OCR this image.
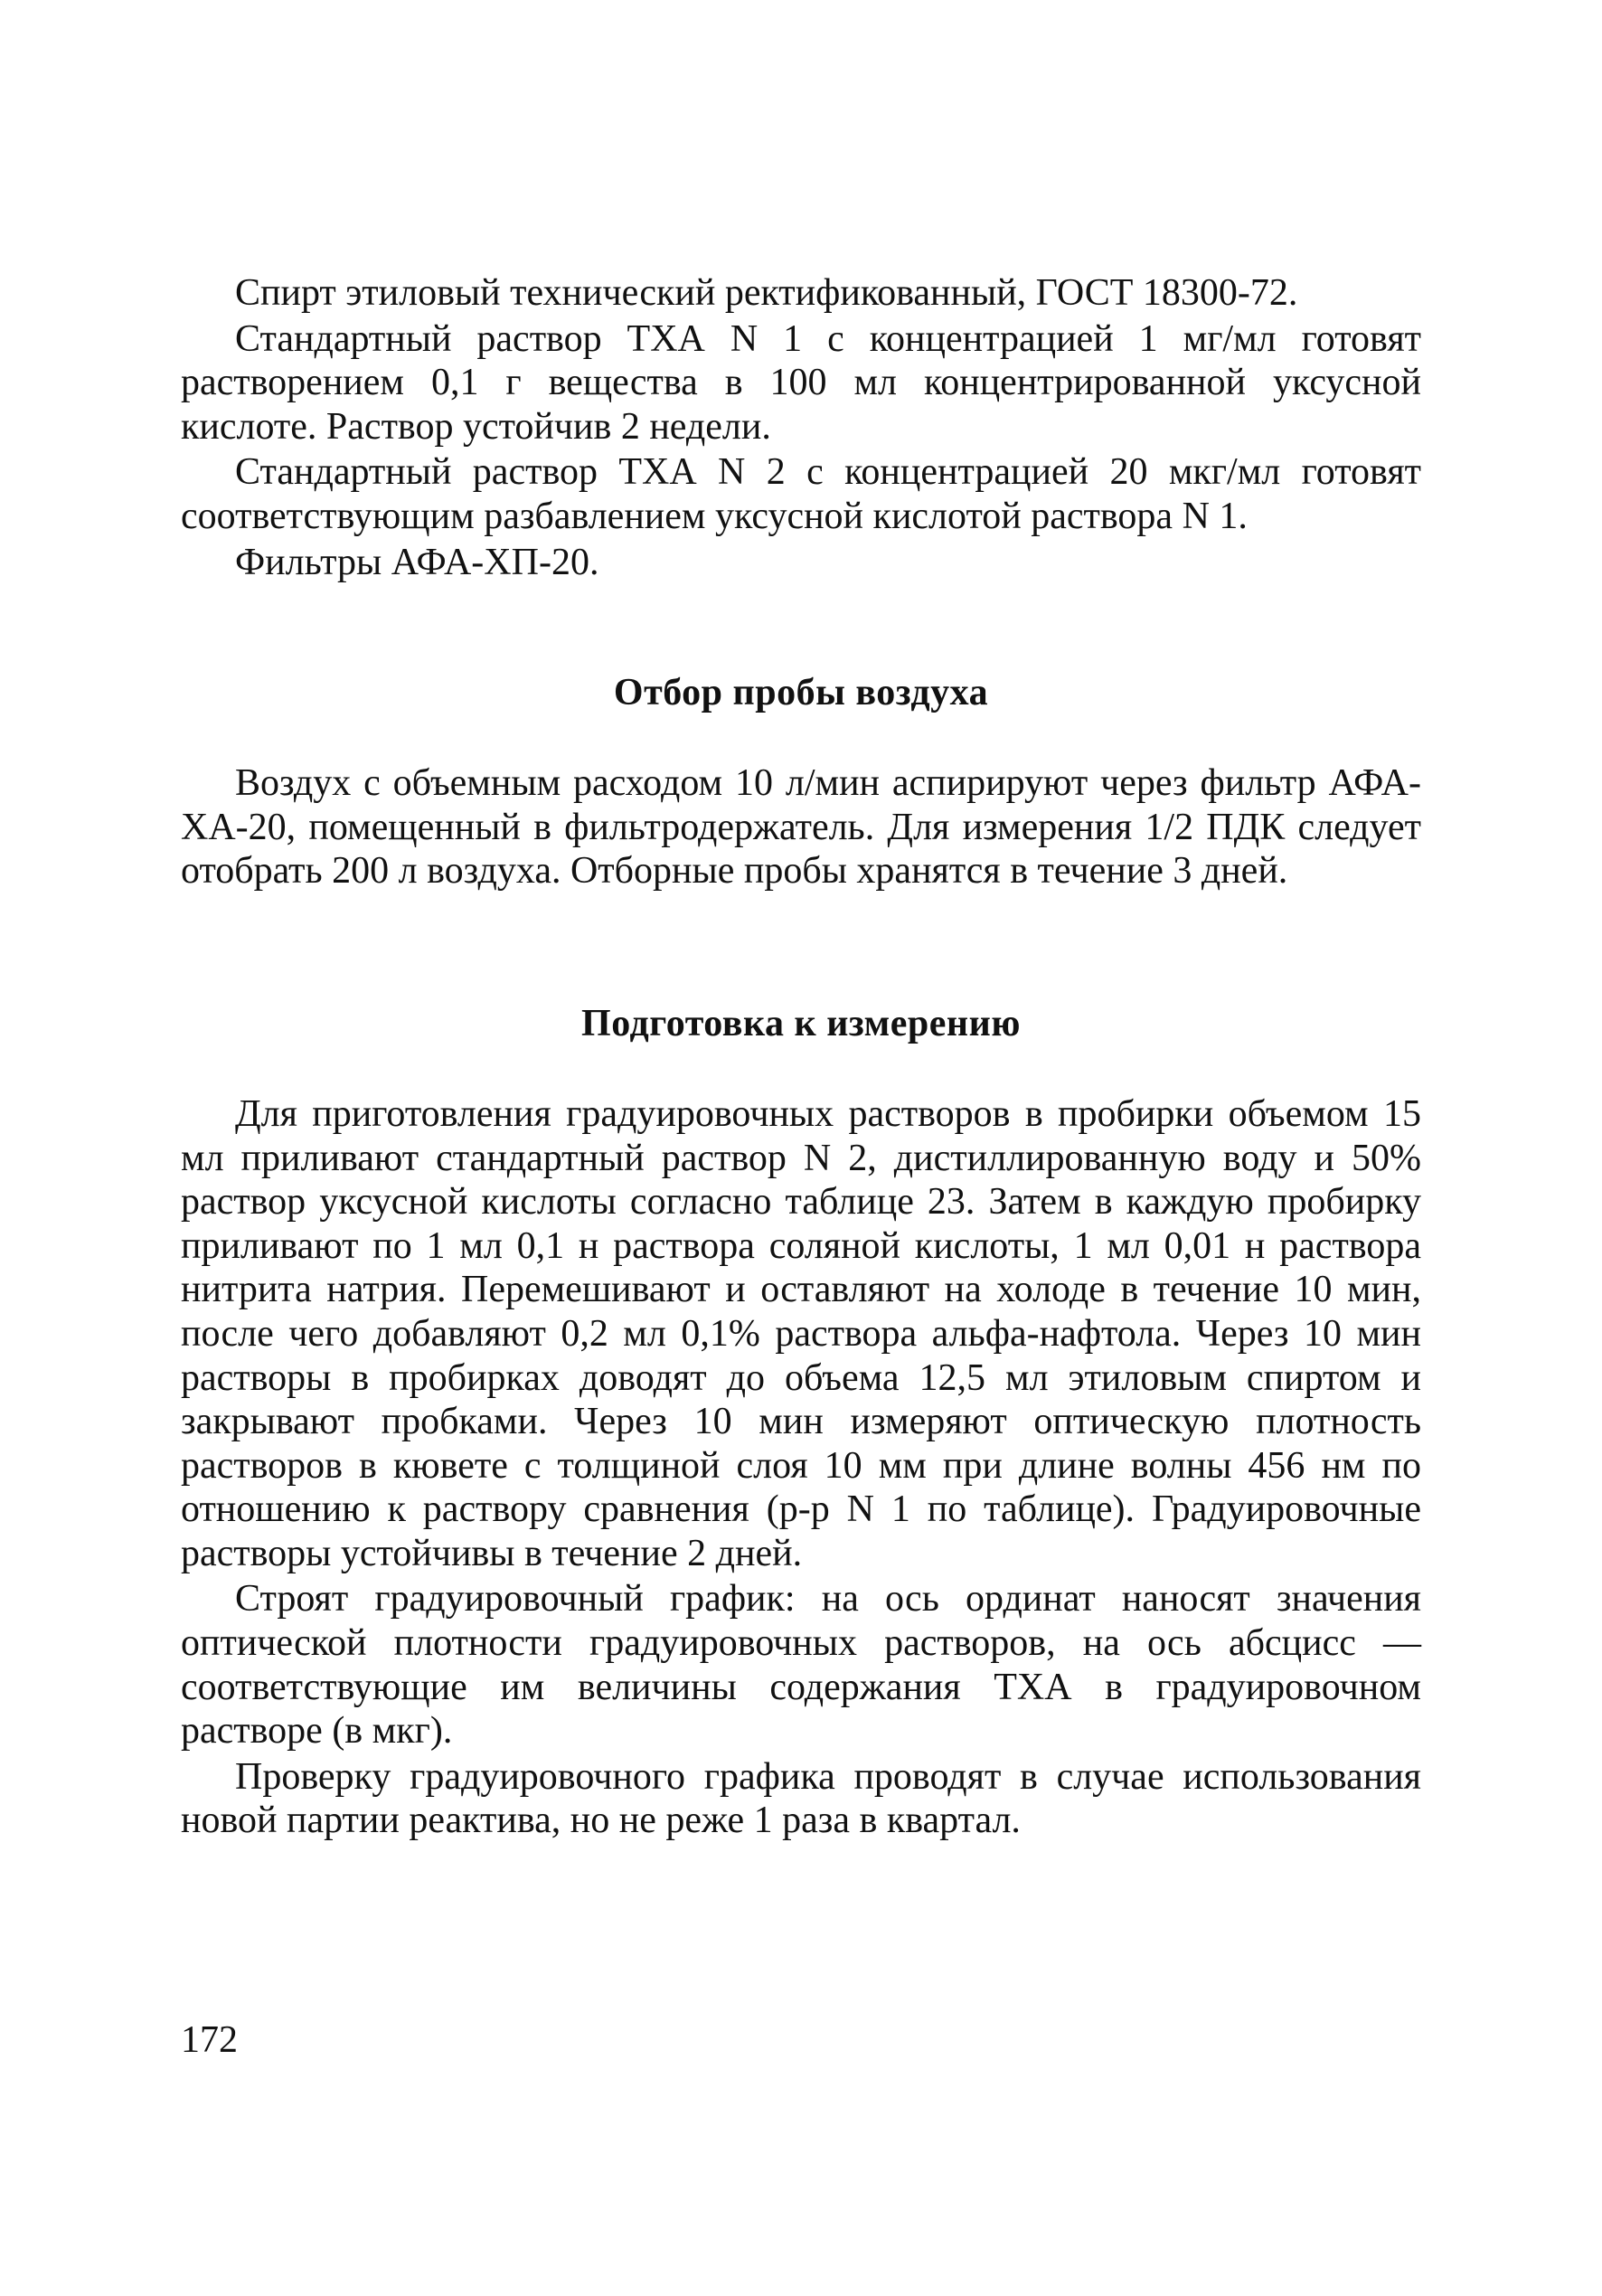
Спирт этиловый технический ректификованный, ГОСТ 18300-72.

Стандартный раствор ТХА N 1 с концентрацией 1 мг/мл готовят растворением 0,1 г вещества в 100 мл концентрированной уксусной кислоте. Раствор устойчив 2 недели.

Стандартный раствор ТХА N 2 с концентрацией 20 мкг/мл готовят соответствующим разбавлением уксусной кислотой раствора N 1.

Фильтры АФА-ХП-20.

Отбор пробы воздуха

Воздух с объемным расходом 10 л/мин аспирируют через фильтр АФА-ХА-20, помещенный в фильтродержатель. Для измерения 1/2 ПДК следует отобрать 200 л воздуха. Отборные пробы хранятся в течение 3 дней.

Подготовка к измерению

Для приготовления градуировочных растворов в пробирки объемом 15 мл приливают стандартный раствор N 2, дистиллированную воду и 50% раствор уксусной кислоты согласно таблице 23. Затем в каждую пробирку приливают по 1 мл 0,1 н раствора соляной кислоты, 1 мл 0,01 н раствора нитрита натрия. Перемешивают и оставляют на холоде в течение 10 мин, после чего добавляют 0,2 мл 0,1% раствора альфа-нафтола. Через 10 мин растворы в пробирках доводят до объема 12,5 мл этиловым спиртом и закрывают пробками. Через 10 мин измеряют оптическую плотность растворов в кювете с толщиной слоя 10 мм при длине волны 456 нм по отношению к раствору сравнения (р-р N 1 по таблице). Градуировочные растворы устойчивы в течение 2 дней.

Строят градуировочный график: на ось ординат наносят значения оптической плотности градуировочных растворов, на ось абсцисс — соответствующие им величины содержания ТХА в градуировочном растворе (в мкг).

Проверку градуировочного графика проводят в случае использования новой партии реактива, но не реже 1 раза в квартал.

172
